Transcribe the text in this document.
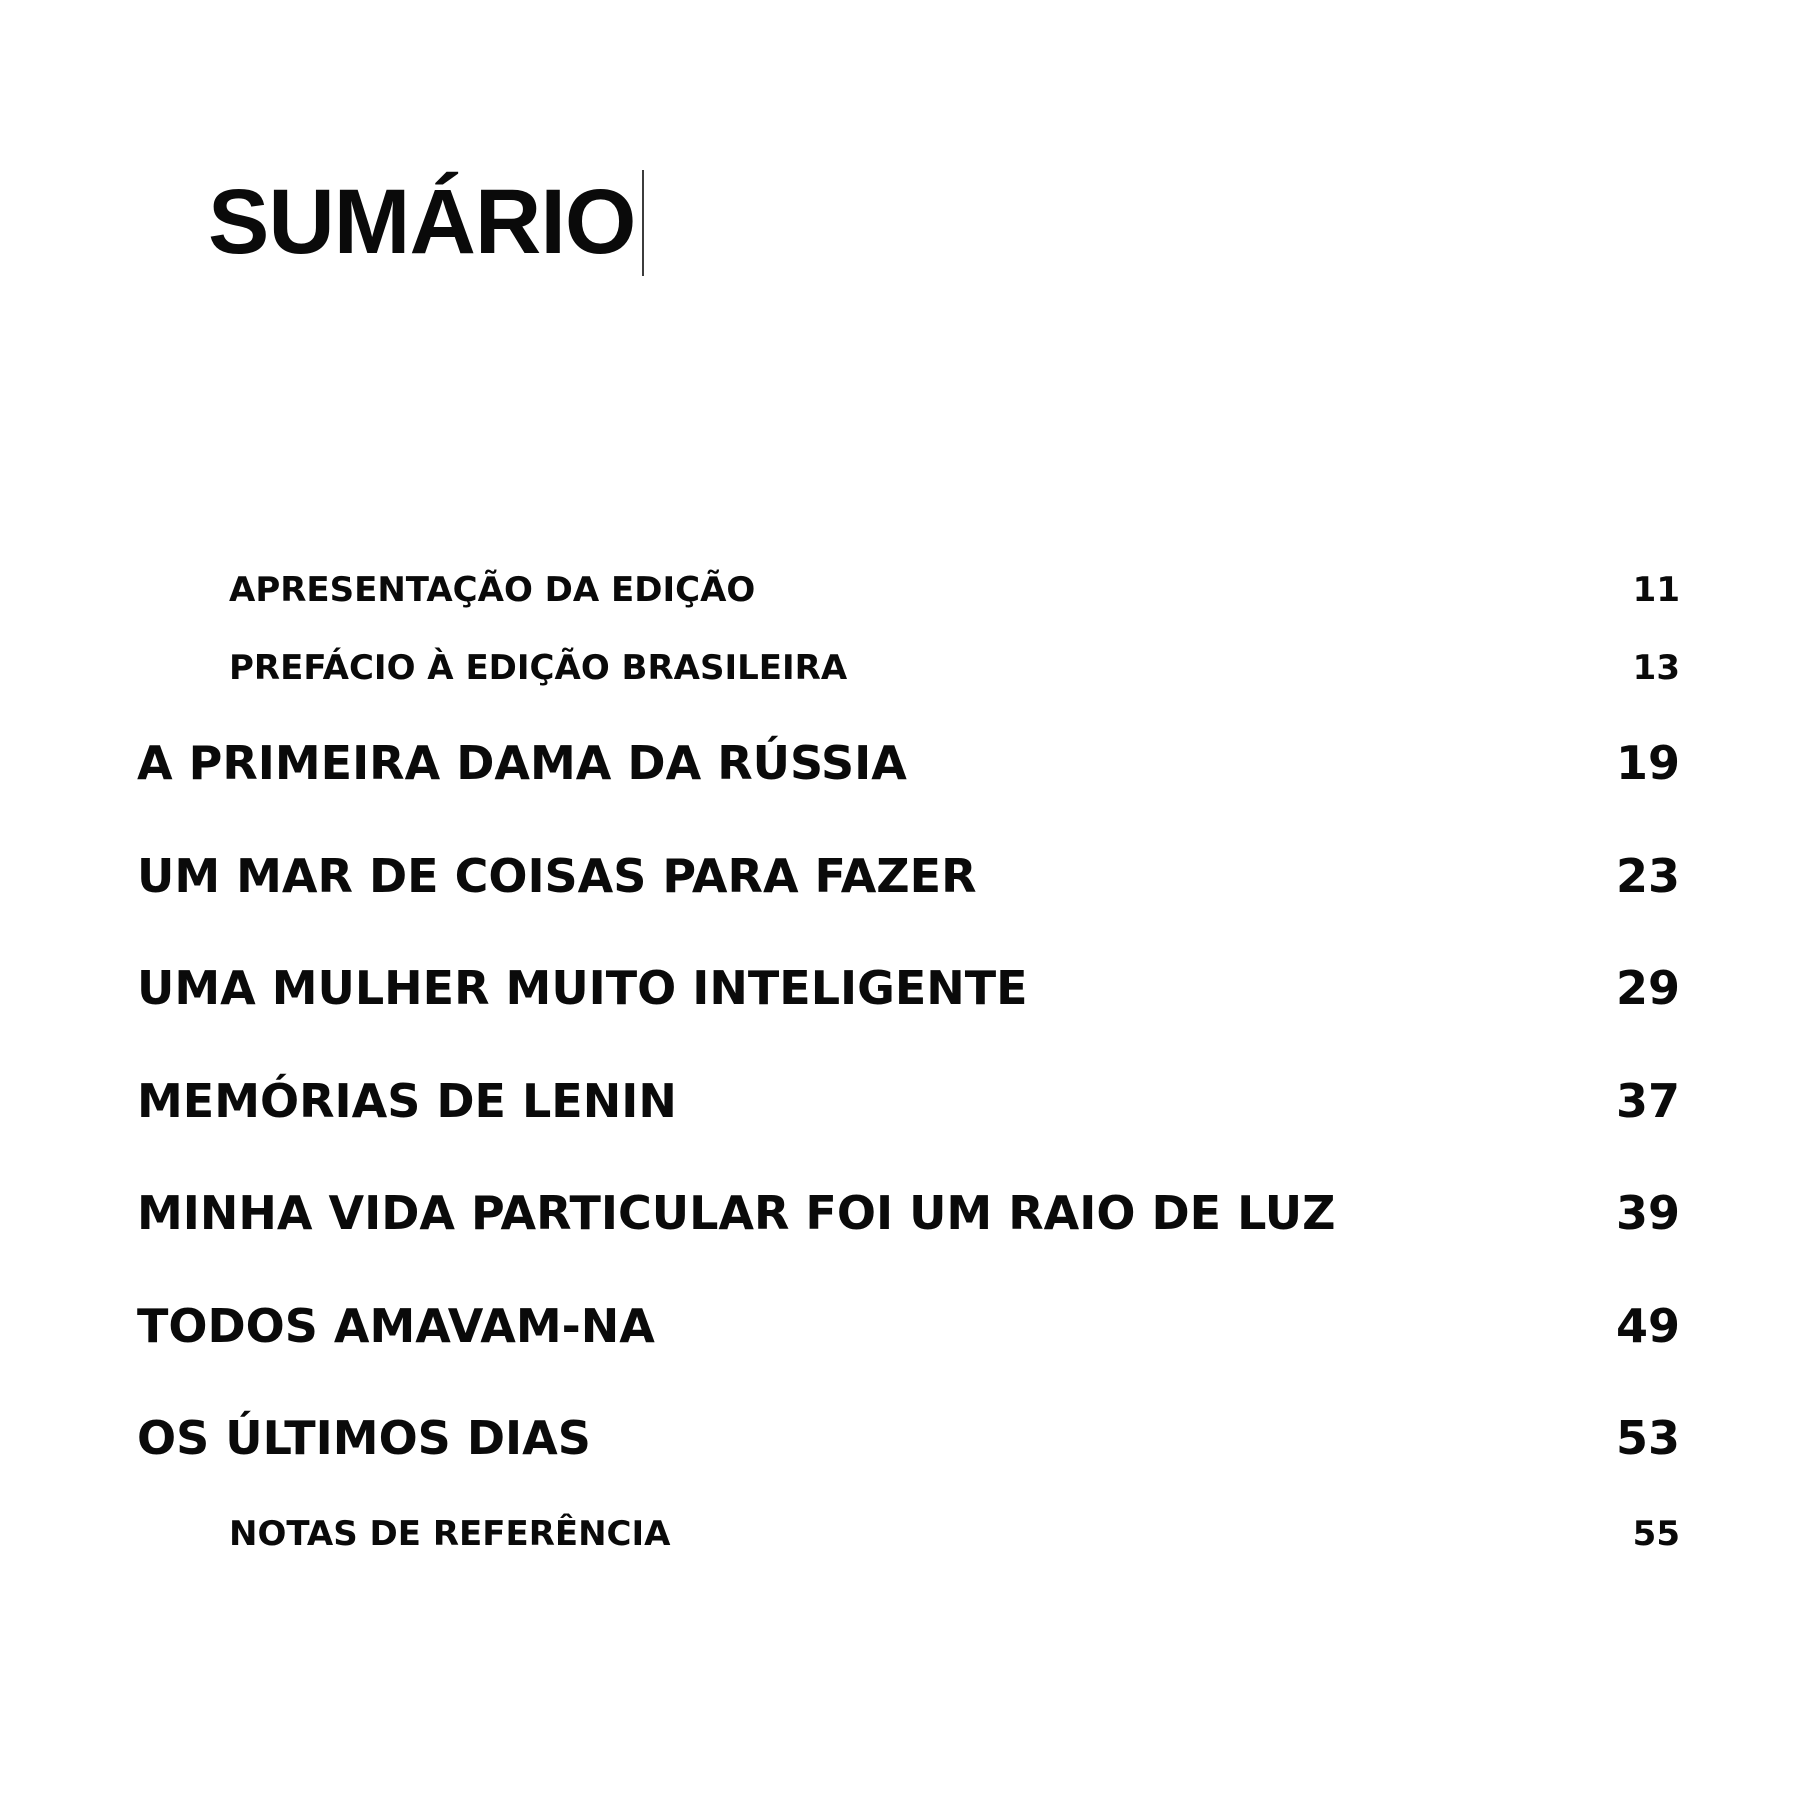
SUMÁRIO
APRESENTAÇÃO DA EDIÇÃO	11
PREFÁCIO À EDIÇÃO BRASILEIRA	13
A PRIMEIRA DAMA DA RÚSSIA	19
UM MAR DE COISAS PARA FAZER	23
UMA MULHER MUITO INTELIGENTE	29
MEMÓRIAS DE LENIN	37
MINHA VIDA PARTICULAR FOI UM RAIO DE LUZ	39
TODOS AMAVAM-NA	49
OS ÚLTIMOS DIAS	53
NOTAS DE REFERÊNCIA	55
